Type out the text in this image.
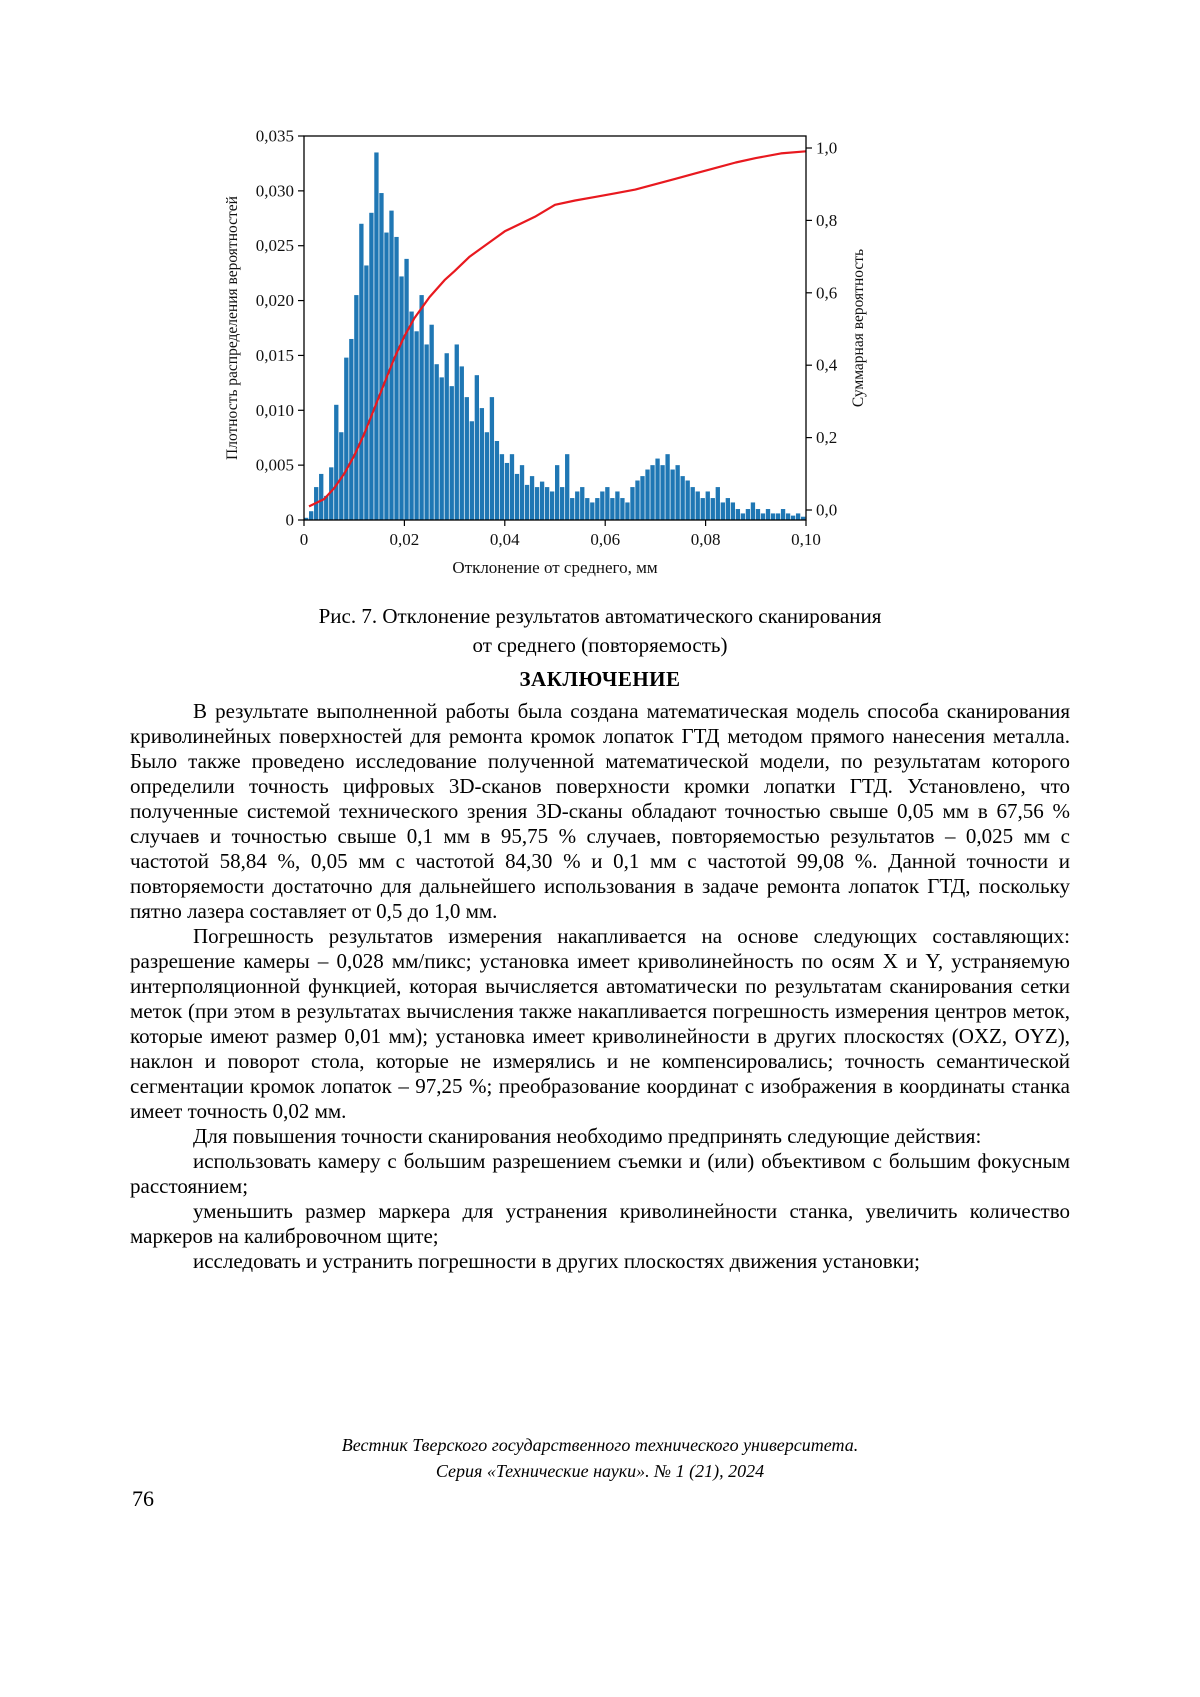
0	0,02	0,04	0,06	0,08	0,10
0
0,005
0,010
0,015
0,020
0,025
0,030
0,035
0,0
0,2
0,4
0,6
0,8
1,0
Отклонение от среднего, мм
Плотность распределения вероятностей	Суммарная вероятность
Рис. 7. Отклонение результатов автоматического сканирования
от среднего (повторяемость)

ЗАКЛЮЧЕНИЕ

В результате выполненной работы была создана математическая модель способа сканирования криволинейных поверхностей для ремонта кромок лопаток ГТД методом прямого нанесения металла. Было также проведено исследование полученной математической модели, по результатам которого определили точность цифровых 3D-сканов поверхности кромки лопатки ГТД. Установлено, что полученные системой технического зрения 3D-сканы обладают точностью свыше 0,05 мм в 67,56 % случаев и точностью свыше 0,1 мм в 95,75 % случаев, повторяемостью результатов – 0,025 мм с частотой 58,84 %, 0,05 мм с частотой 84,30 % и 0,1 мм с частотой 99,08 %. Данной точности и повторяемости достаточно для дальнейшего использования в задаче ремонта лопаток ГТД, поскольку пятно лазера составляет от 0,5 до 1,0 мм.

Погрешность результатов измерения накапливается на основе следующих составляющих: разрешение камеры – 0,028 мм/пикс; установка имеет криволинейность по осям X и Y, устраняемую интерполяционной функцией, которая вычисляется автоматически по результатам сканирования сетки меток (при этом в результатах вычисления также накапливается погрешность измерения центров меток, которые имеют размер 0,01 мм); установка имеет криволинейности в других плоскостях (OXZ, OYZ), наклон и поворот стола, которые не измерялись и не компенсировались; точность семантической сегментации кромок лопаток – 97,25 %; преобразование координат с изображения в координаты станка имеет точность 0,02 мм.

Для повышения точности сканирования необходимо предпринять следующие действия:

использовать камеру с большим разрешением съемки и (или) объективом с большим фокусным расстоянием;

уменьшить размер маркера для устранения криволинейности станка, увеличить количество маркеров на калибровочном щите;

исследовать и устранить погрешности в других плоскостях движения установки;

Вестник Тверского государственного технического университета.
Серия «Технические науки». № 1 (21), 2024
76
